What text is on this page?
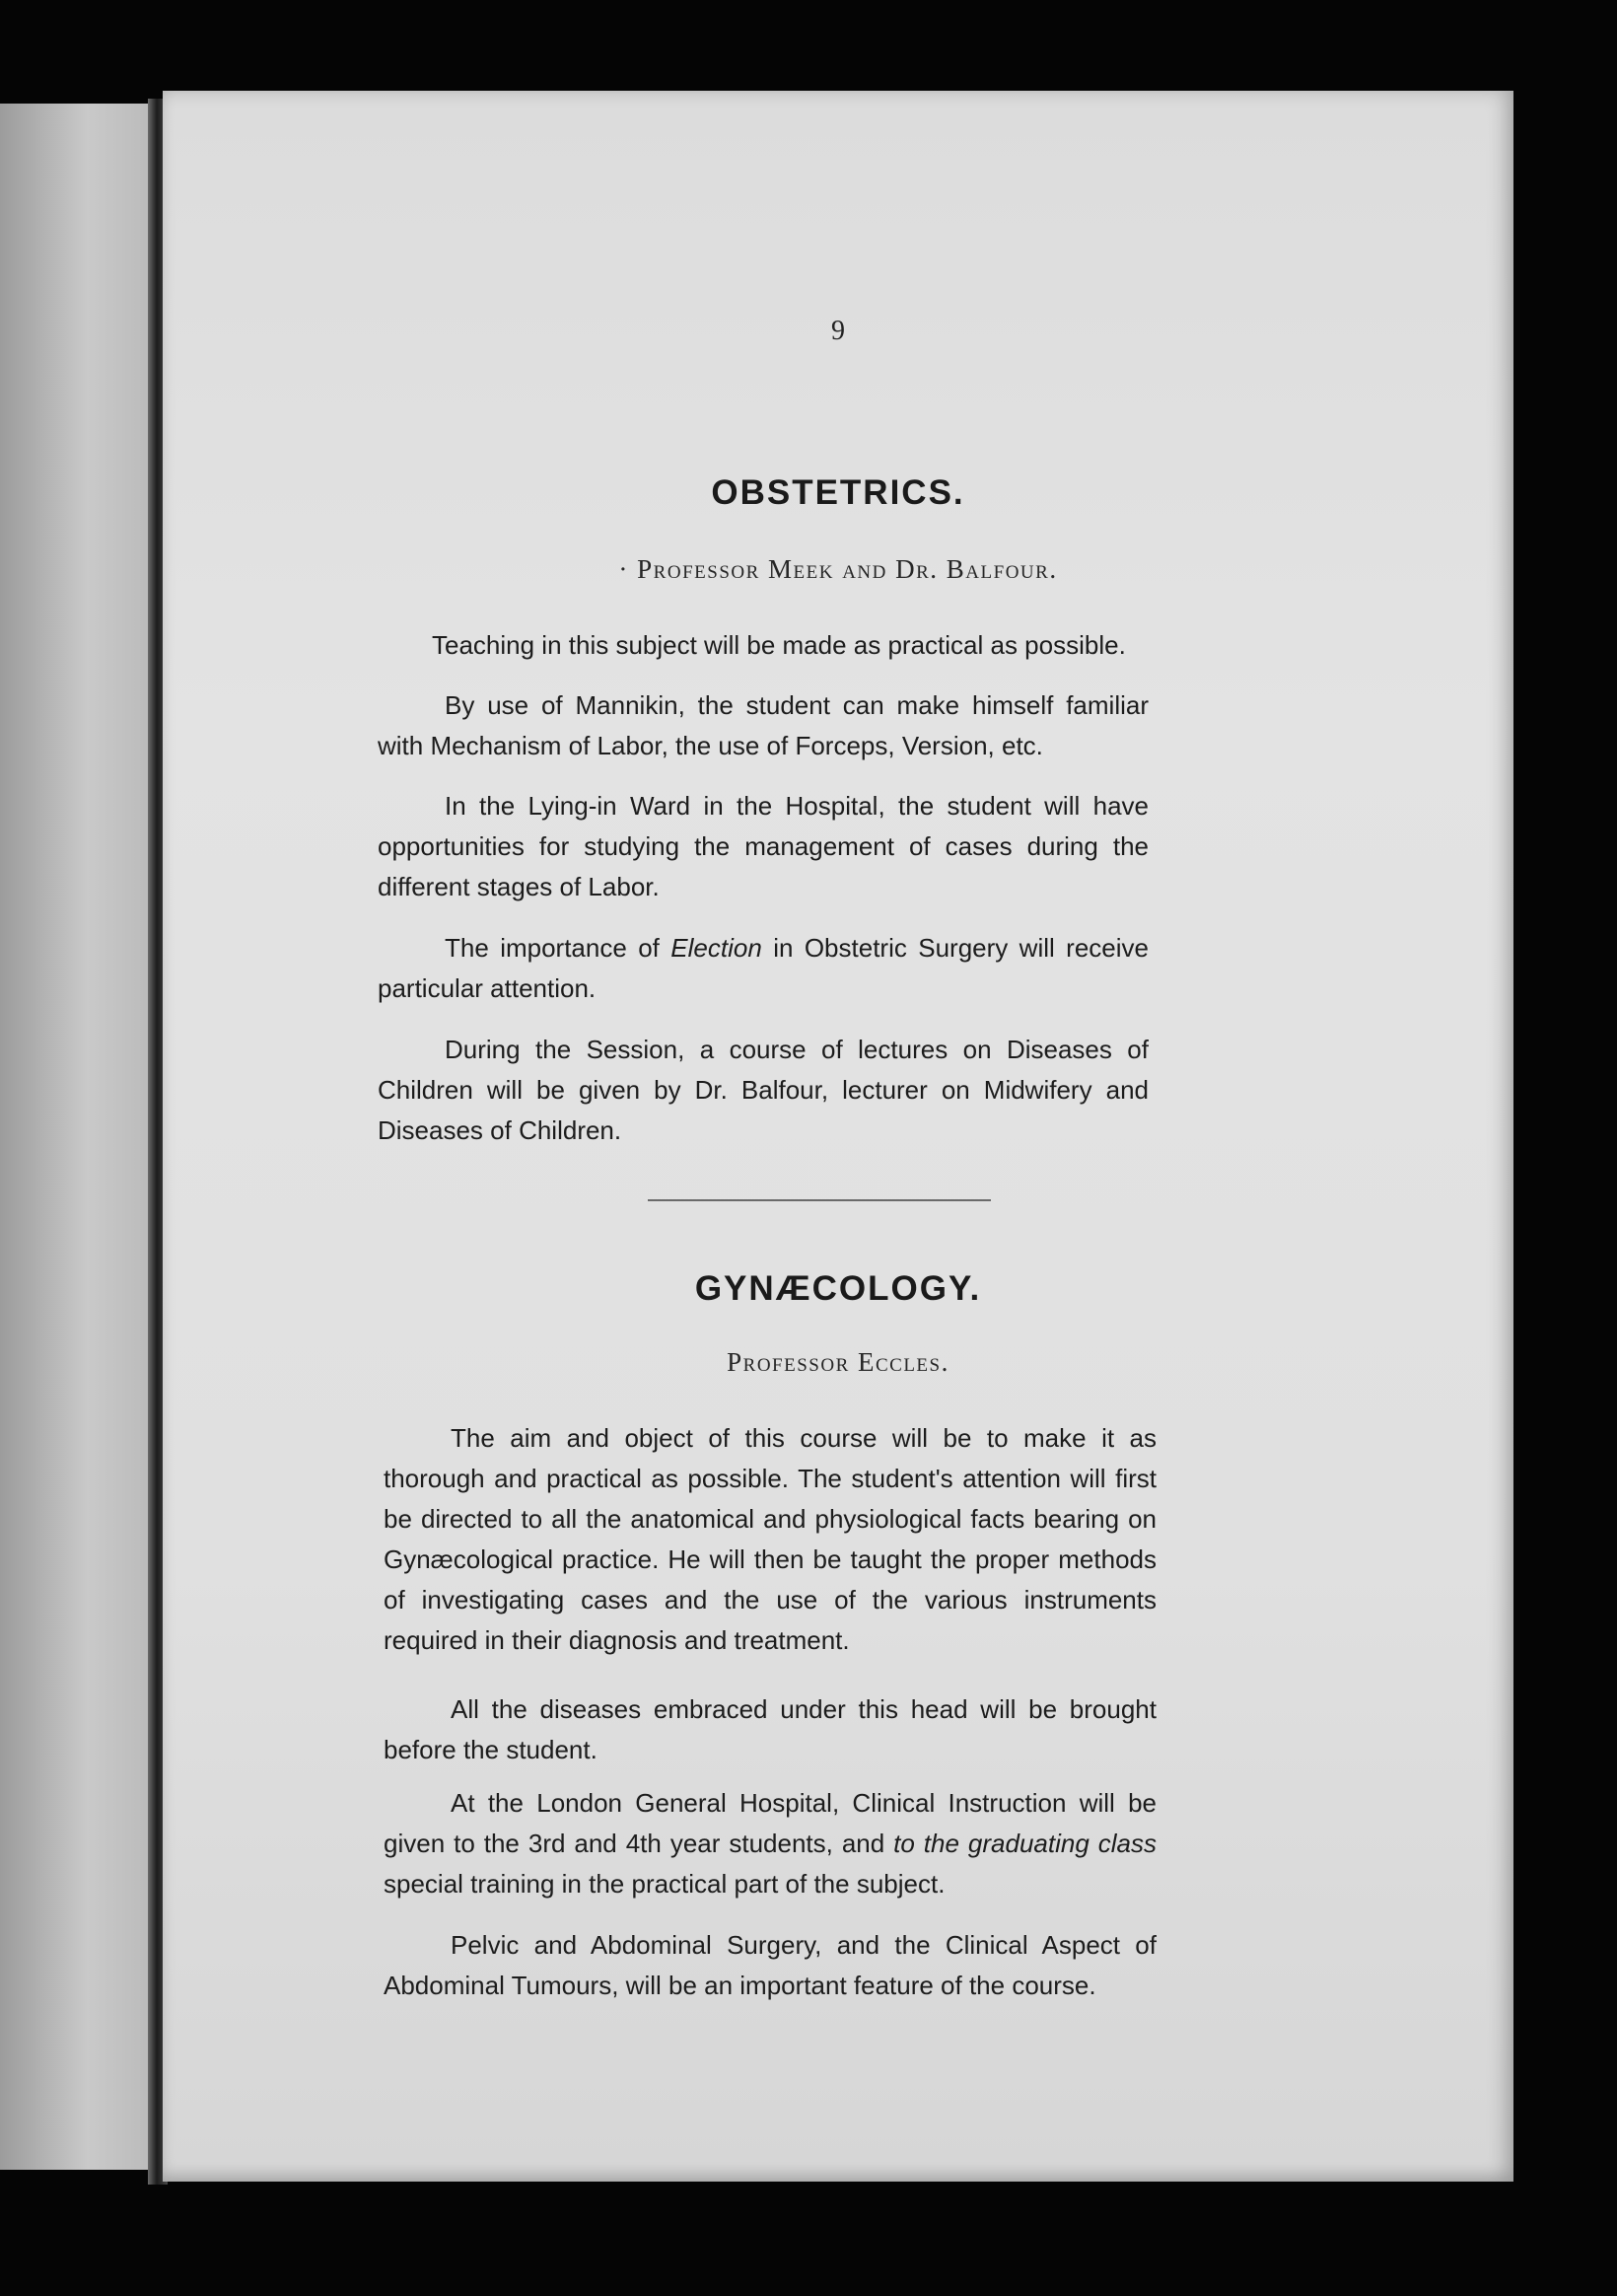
9
OBSTETRICS.
· Professor Meek and Dr. Balfour.

Teaching in this subject will be made as practical as possible.

By use of Mannikin, the student can make himself familiar with Mechanism of Labor, the use of Forceps, Version, etc.

In the Lying-in Ward in the Hospital, the student will have opportunities for studying the management of cases during the different stages of Labor.

The importance of Election in Obstetric Surgery will receive particular attention.

During the Session, a course of lectures on Diseases of Children will be given by Dr. Balfour, lecturer on Midwifery and Diseases of Children.

GYNÆCOLOGY.
Professor Eccles.

The aim and object of this course will be to make it as thorough and practical as possible. The student's attention will first be directed to all the anatomical and physiological facts bearing on Gynæcological practice. He will then be taught the proper methods of investigating cases and the use of the various instruments required in their diagnosis and treatment.

All the diseases embraced under this head will be brought before the student.

At the London General Hospital, Clinical Instruction will be given to the 3rd and 4th year students, and to the graduating class special training in the practical part of the subject.

Pelvic and Abdominal Surgery, and the Clinical Aspect of Abdominal Tumours, will be an important feature of the course.
